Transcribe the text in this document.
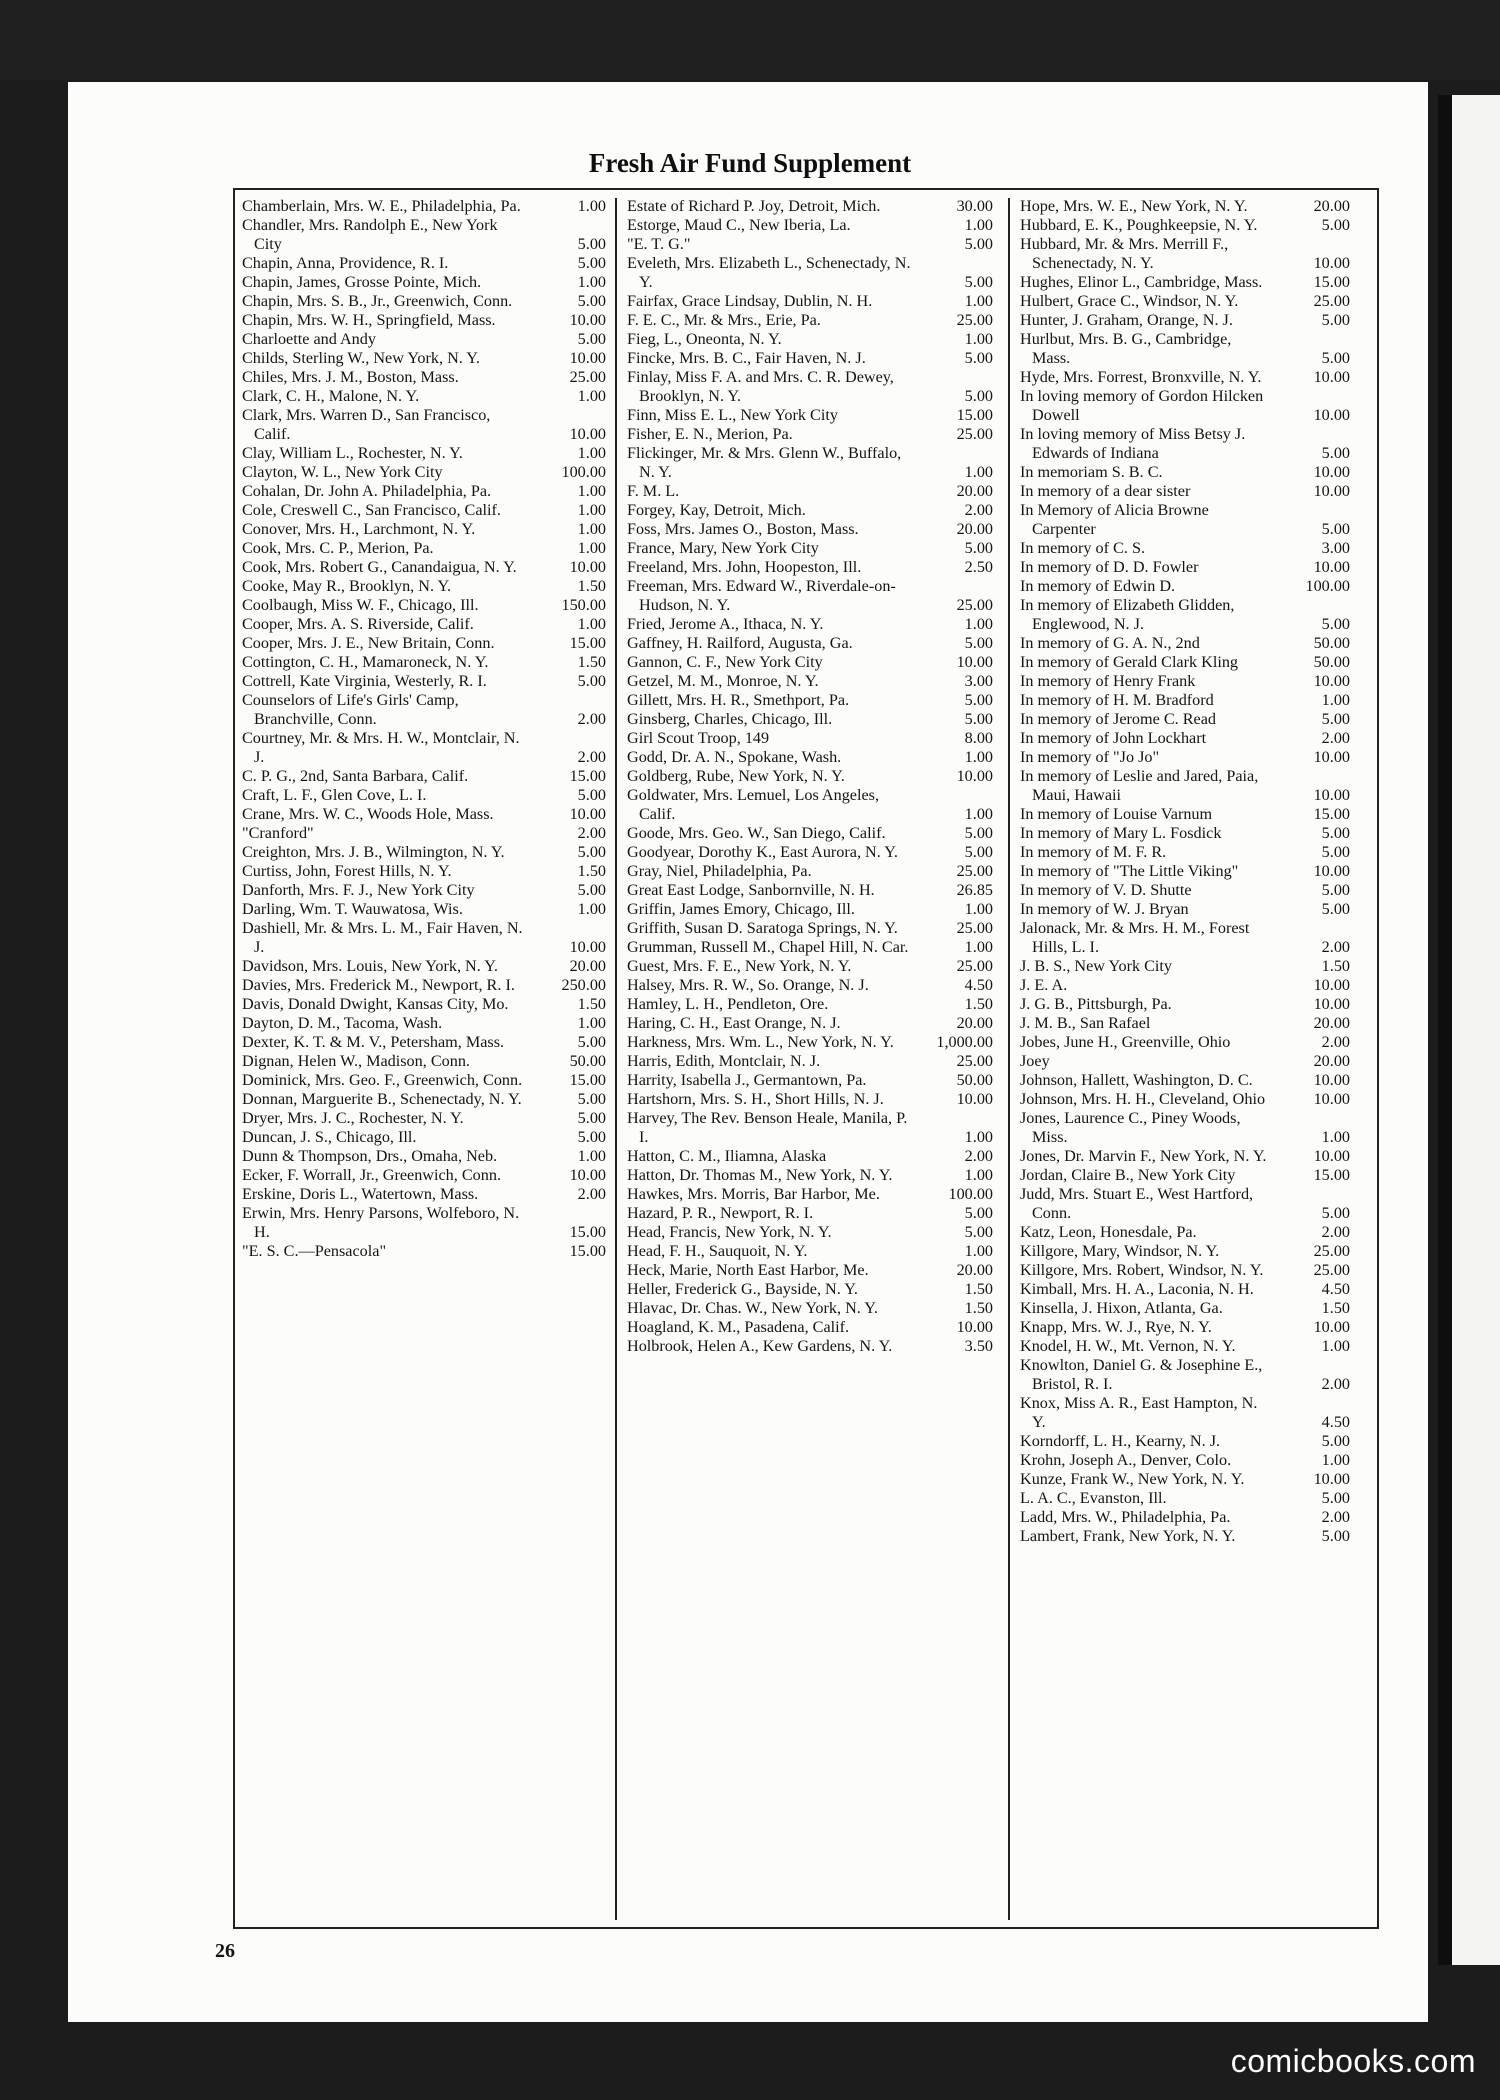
Fresh Air Fund Supplement
Chamberlain, Mrs. W. E., Philadelphia, Pa.	1.00
Chandler, Mrs. Randolph E., New York City	5.00
Chapin, Anna, Providence, R. I.	5.00
Chapin, James, Grosse Pointe, Mich.	1.00
Chapin, Mrs. S. B., Jr., Greenwich, Conn.	5.00
Chapin, Mrs. W. H., Springfield, Mass.	10.00
Charloette and Andy	5.00
Childs, Sterling W., New York, N. Y.	10.00
Chiles, Mrs. J. M., Boston, Mass.	25.00
Clark, C. H., Malone, N. Y.	1.00
Clark, Mrs. Warren D., San Francisco, Calif.	10.00
Clay, William L., Rochester, N. Y.	1.00
Clayton, W. L., New York City	100.00
Cohalan, Dr. John A. Philadelphia, Pa.	1.00
Cole, Creswell C., San Francisco, Calif.	1.00
Conover, Mrs. H., Larchmont, N. Y.	1.00
Cook, Mrs. C. P., Merion, Pa.	1.00
Cook, Mrs. Robert G., Canandaigua, N. Y.	10.00
Cooke, May R., Brooklyn, N. Y.	1.50
Coolbaugh, Miss W. F., Chicago, Ill.	150.00
Cooper, Mrs. A. S. Riverside, Calif.	1.00
Cooper, Mrs. J. E., New Britain, Conn.	15.00
Cottington, C. H., Mamaroneck, N. Y.	1.50
Cottrell, Kate Virginia, Westerly, R. I.	5.00
Counselors of Life's Girls' Camp, Branchville, Conn.	2.00
Courtney, Mr. & Mrs. H. W., Montclair, N. J.	2.00
C. P. G., 2nd, Santa Barbara, Calif.	15.00
Craft, L. F., Glen Cove, L. I.	5.00
Crane, Mrs. W. C., Woods Hole, Mass.	10.00
"Cranford"	2.00
Creighton, Mrs. J. B., Wilmington, N. Y.	5.00
Curtiss, John, Forest Hills, N. Y.	1.50
Danforth, Mrs. F. J., New York City	5.00
Darling, Wm. T. Wauwatosa, Wis.	1.00
Dashiell, Mr. & Mrs. L. M., Fair Haven, N. J.	10.00
Davidson, Mrs. Louis, New York, N. Y.	20.00
Davies, Mrs. Frederick M., Newport, R. I.	250.00
Davis, Donald Dwight, Kansas City, Mo.	1.50
Dayton, D. M., Tacoma, Wash.	1.00
Dexter, K. T. & M. V., Petersham, Mass.	5.00
Dignan, Helen W., Madison, Conn.	50.00
Dominick, Mrs. Geo. F., Greenwich, Conn.	15.00
Donnan, Marguerite B., Schenectady, N. Y.	5.00
Dryer, Mrs. J. C., Rochester, N. Y.	5.00
Duncan, J. S., Chicago, Ill.	5.00
Dunn & Thompson, Drs., Omaha, Neb.	1.00
Ecker, F. Worrall, Jr., Greenwich, Conn.	10.00
Erskine, Doris L., Watertown, Mass.	2.00
Erwin, Mrs. Henry Parsons, Wolfeboro, N. H.	15.00
"E. S. C.—Pensacola"	15.00
Estate of Richard P. Joy, Detroit, Mich.	30.00
Estorge, Maud C., New Iberia, La.	1.00
"E. T. G."	5.00
Eveleth, Mrs. Elizabeth L., Schenectady, N. Y.	5.00
Fairfax, Grace Lindsay, Dublin, N. H.	1.00
F. E. C., Mr. & Mrs., Erie, Pa.	25.00
Fieg, L., Oneonta, N. Y.	1.00
Fincke, Mrs. B. C., Fair Haven, N. J.	5.00
Finlay, Miss F. A. and Mrs. C. R. Dewey, Brooklyn, N. Y.	5.00
Finn, Miss E. L., New York City	15.00
Fisher, E. N., Merion, Pa.	25.00
Flickinger, Mr. & Mrs. Glenn W., Buffalo, N. Y.	1.00
F. M. L.	20.00
Forgey, Kay, Detroit, Mich.	2.00
Foss, Mrs. James O., Boston, Mass.	20.00
France, Mary, New York City	5.00
Freeland, Mrs. John, Hoopeston, Ill.	2.50
Freeman, Mrs. Edward W., Riverdale-on-Hudson, N. Y.	25.00
Fried, Jerome A., Ithaca, N. Y.	1.00
Gaffney, H. Railford, Augusta, Ga.	5.00
Gannon, C. F., New York City	10.00
Getzel, M. M., Monroe, N. Y.	3.00
Gillett, Mrs. H. R., Smethport, Pa.	5.00
Ginsberg, Charles, Chicago, Ill.	5.00
Girl Scout Troop, 149	8.00
Godd, Dr. A. N., Spokane, Wash.	1.00
Goldberg, Rube, New York, N. Y.	10.00
Goldwater, Mrs. Lemuel, Los Angeles, Calif.	1.00
Goode, Mrs. Geo. W., San Diego, Calif.	5.00
Goodyear, Dorothy K., East Aurora, N. Y.	5.00
Gray, Niel, Philadelphia, Pa.	25.00
Great East Lodge, Sanbornville, N. H.	26.85
Griffin, James Emory, Chicago, Ill.	1.00
Griffith, Susan D. Saratoga Springs, N. Y.	25.00
Grumman, Russell M., Chapel Hill, N. Car.	1.00
Guest, Mrs. F. E., New York, N. Y.	25.00
Halsey, Mrs. R. W., So. Orange, N. J.	4.50
Hamley, L. H., Pendleton, Ore.	1.50
Haring, C. H., East Orange, N. J.	20.00
Harkness, Mrs. Wm. L., New York, N. Y.	1,000.00
Harris, Edith, Montclair, N. J.	25.00
Harrity, Isabella J., Germantown, Pa.	50.00
Hartshorn, Mrs. S. H., Short Hills, N. J.	10.00
Harvey, The Rev. Benson Heale, Manila, P. I.	1.00
Hatton, C. M., Iliamna, Alaska	2.00
Hatton, Dr. Thomas M., New York, N. Y.	1.00
Hawkes, Mrs. Morris, Bar Harbor, Me.	100.00
Hazard, P. R., Newport, R. I.	5.00
Head, Francis, New York, N. Y.	5.00
Head, F. H., Sauquoit, N. Y.	1.00
Heck, Marie, North East Harbor, Me.	20.00
Heller, Frederick G., Bayside, N. Y.	1.50
Hlavac, Dr. Chas. W., New York, N. Y.	1.50
Hoagland, K. M., Pasadena, Calif.	10.00
Holbrook, Helen A., Kew Gardens, N. Y.	3.50
Hope, Mrs. W. E., New York, N. Y.	20.00
Hubbard, E. K., Poughkeepsie, N. Y.	5.00
Hubbard, Mr. & Mrs. Merrill F., Schenectady, N. Y.	10.00
Hughes, Elinor L., Cambridge, Mass.	15.00
Hulbert, Grace C., Windsor, N. Y.	25.00
Hunter, J. Graham, Orange, N. J.	5.00
Hurlbut, Mrs. B. G., Cambridge, Mass.	5.00
Hyde, Mrs. Forrest, Bronxville, N. Y.	10.00
In loving memory of Gordon Hilcken Dowell	10.00
In loving memory of Miss Betsy J. Edwards of Indiana	5.00
In memoriam S. B. C.	10.00
In memory of a dear sister	10.00
In Memory of Alicia Browne Carpenter	5.00
In memory of C. S.	3.00
In memory of D. D. Fowler	10.00
In memory of Edwin D.	100.00
In memory of Elizabeth Glidden, Englewood, N. J.	5.00
In memory of G. A. N., 2nd	50.00
In memory of Gerald Clark Kling	50.00
In memory of Henry Frank	10.00
In memory of H. M. Bradford	1.00
In memory of Jerome C. Read	5.00
In memory of John Lockhart	2.00
In memory of "Jo Jo"	10.00
In memory of Leslie and Jared, Paia, Maui, Hawaii	10.00
In memory of Louise Varnum	15.00
In memory of Mary L. Fosdick	5.00
In memory of M. F. R.	5.00
In memory of "The Little Viking"	10.00
In memory of V. D. Shutte	5.00
In memory of W. J. Bryan	5.00
Jalonack, Mr. & Mrs. H. M., Forest Hills, L. I.	2.00
J. B. S., New York City	1.50
J. E. A.	10.00
J. G. B., Pittsburgh, Pa.	10.00
J. M. B., San Rafael	20.00
Jobes, June H., Greenville, Ohio	2.00
Joey	20.00
Johnson, Hallett, Washington, D. C.	10.00
Johnson, Mrs. H. H., Cleveland, Ohio	10.00
Jones, Laurence C., Piney Woods, Miss.	1.00
Jones, Dr. Marvin F., New York, N. Y.	10.00
Jordan, Claire B., New York City	15.00
Judd, Mrs. Stuart E., West Hartford, Conn.	5.00
Katz, Leon, Honesdale, Pa.	2.00
Killgore, Mary, Windsor, N. Y.	25.00
Killgore, Mrs. Robert, Windsor, N. Y.	25.00
Kimball, Mrs. H. A., Laconia, N. H.	4.50
Kinsella, J. Hixon, Atlanta, Ga.	1.50
Knapp, Mrs. W. J., Rye, N. Y.	10.00
Knodel, H. W., Mt. Vernon, N. Y.	1.00
Knowlton, Daniel G. & Josephine E., Bristol, R. I.	2.00
Knox, Miss A. R., East Hampton, N. Y.	4.50
Korndorff, L. H., Kearny, N. J.	5.00
Krohn, Joseph A., Denver, Colo.	1.00
Kunze, Frank W., New York, N. Y.	10.00
L. A. C., Evanston, Ill.	5.00
Ladd, Mrs. W., Philadelphia, Pa.	2.00
Lambert, Frank, New York, N. Y.	5.00
26
comicbooks.com
